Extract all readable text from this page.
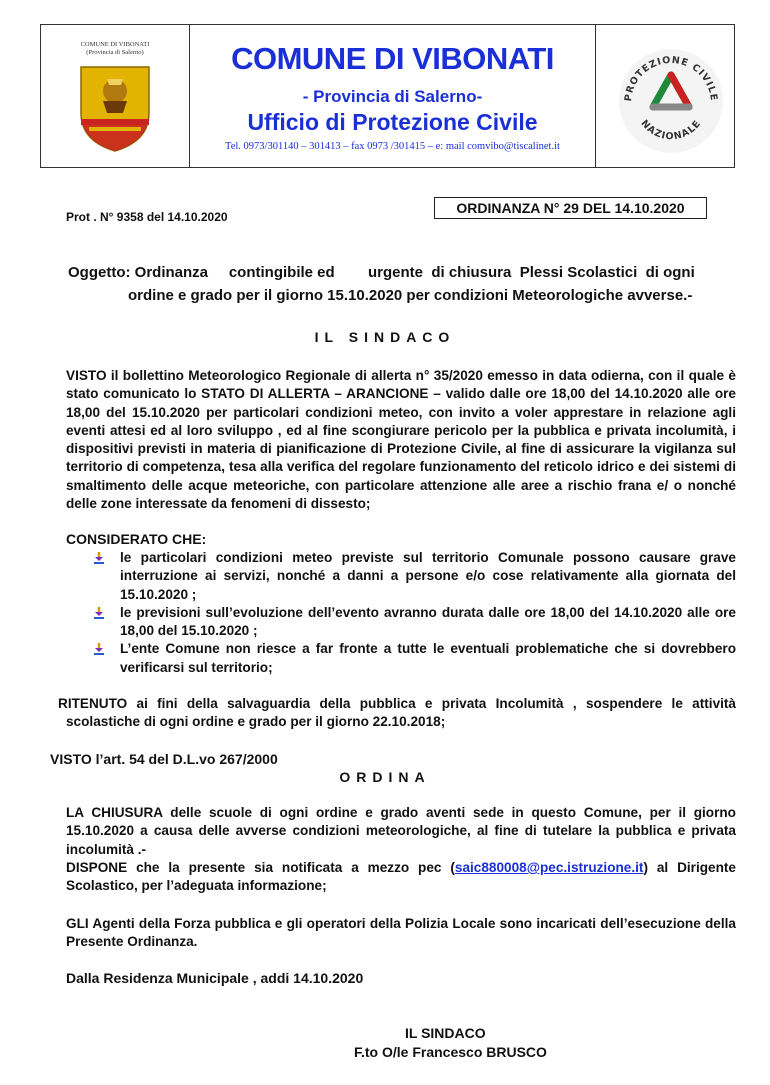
COMUNE DI VIBONATI
(Provincia di Salerno)	COMUNE DI VIBONATI
- Provincia di Salerno-
Ufficio di Protezione Civile
Tel. 0973/301140 – 301413 – fax 0973 /301415 – e: mail comvibo@tiscalinet.it
PROTEZIONE CIVILE
NAZIONALE
Prot . N° 9358 del 14.10.2020
ORDINANZA N° 29 DEL 14.10.2020
Oggetto: Ordinanza     contingibile ed        urgente  di chiusura  Plessi Scolastici  di ogni
ordine e grado per il giorno 15.10.2020 per condizioni Meteorologiche avverse.-
IL SINDACO
VISTO il bollettino Meteorologico Regionale di allerta n° 35/2020 emesso in data odierna, con il quale è stato comunicato lo STATO DI ALLERTA – ARANCIONE – valido dalle ore 18,00 del 14.10.2020 alle ore 18,00 del 15.10.2020 per particolari condizioni meteo, con invito a voler apprestare in relazione agli eventi attesi ed al loro sviluppo , ed al fine scongiurare pericolo per la pubblica e privata incolumità, i dispositivi previsti in materia di pianificazione di Protezione Civile, al fine di assicurare la vigilanza sul territorio di competenza, tesa alla verifica del regolare funzionamento del reticolo idrico e dei sistemi di smaltimento delle acque meteoriche, con particolare attenzione alle aree a rischio frana e/ o nonché delle zone interessate da fenomeni di dissesto;
CONSIDERATO CHE:
le particolari condizioni meteo previste sul territorio Comunale possono causare grave interruzione ai servizi, nonché a danni a persone e/o cose relativamente alla giornata del 15.10.2020 ;
le previsioni sull’evoluzione dell’evento avranno durata dalle ore 18,00 del 14.10.2020 alle ore 18,00 del 15.10.2020 ;
L’ente Comune non riesce a far fronte a tutte le eventuali problematiche che si dovrebbero verificarsi sul territorio;
RITENUTO ai fini della salvaguardia della pubblica e privata Incolumità , sospendere le attività scolastiche di ogni ordine e grado per il giorno 22.10.2018;
VISTO l’art. 54 del D.L.vo 267/2000
ORDINA
LA CHIUSURA delle scuole di ogni ordine e grado aventi sede in questo Comune, per il giorno 15.10.2020 a causa delle avverse condizioni meteorologiche, al fine di tutelare la pubblica e privata incolumità .-
DISPONE che la presente sia notificata a mezzo pec (saic880008@pec.istruzione.it) al Dirigente Scolastico, per l’adeguata informazione;
GLI Agenti della Forza pubblica e gli operatori della Polizia Locale sono incaricati dell’esecuzione della Presente Ordinanza.
Dalla Residenza Municipale , addi 14.10.2020
IL SINDACO
F.to O/le Francesco BRUSCO
